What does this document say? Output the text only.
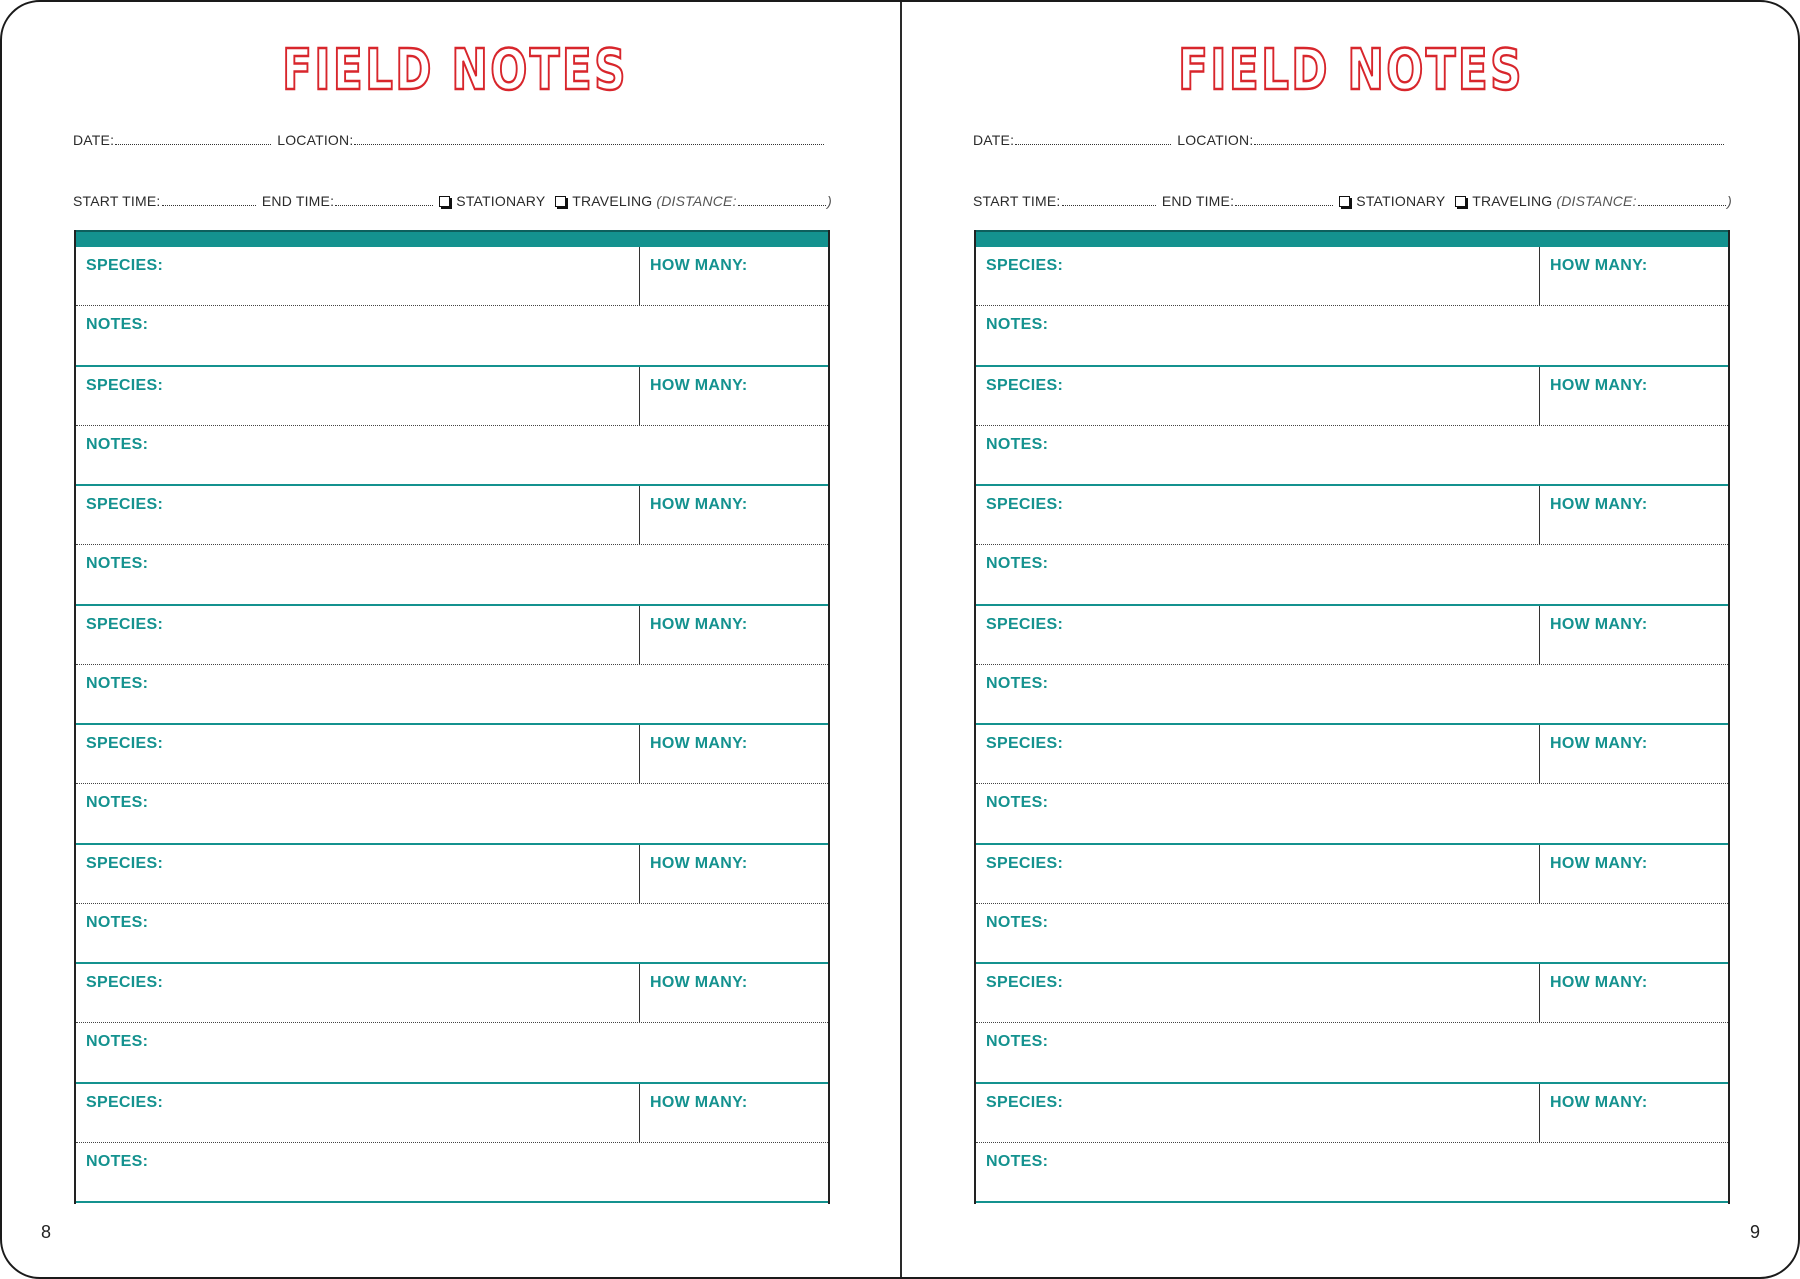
FIELD NOTES
DATE:	LOCATION:
START TIME:	END TIME:	STATIONARY TRAVELING (DISTANCE:	)
SPECIES:	HOW MANY:
NOTES:
SPECIES:	HOW MANY:
NOTES:
SPECIES:	HOW MANY:
NOTES:
SPECIES:	HOW MANY:
NOTES:
SPECIES:	HOW MANY:
NOTES:
SPECIES:	HOW MANY:
NOTES:
SPECIES:	HOW MANY:
NOTES:
SPECIES:	HOW MANY:
NOTES:
8
FIELD NOTES
DATE:	LOCATION:
START TIME:	END TIME:	STATIONARY TRAVELING (DISTANCE:	)
SPECIES:	HOW MANY:
NOTES:
SPECIES:	HOW MANY:
NOTES:
SPECIES:	HOW MANY:
NOTES:
SPECIES:	HOW MANY:
NOTES:
SPECIES:	HOW MANY:
NOTES:
SPECIES:	HOW MANY:
NOTES:
SPECIES:	HOW MANY:
NOTES:
SPECIES:	HOW MANY:
NOTES:
9
